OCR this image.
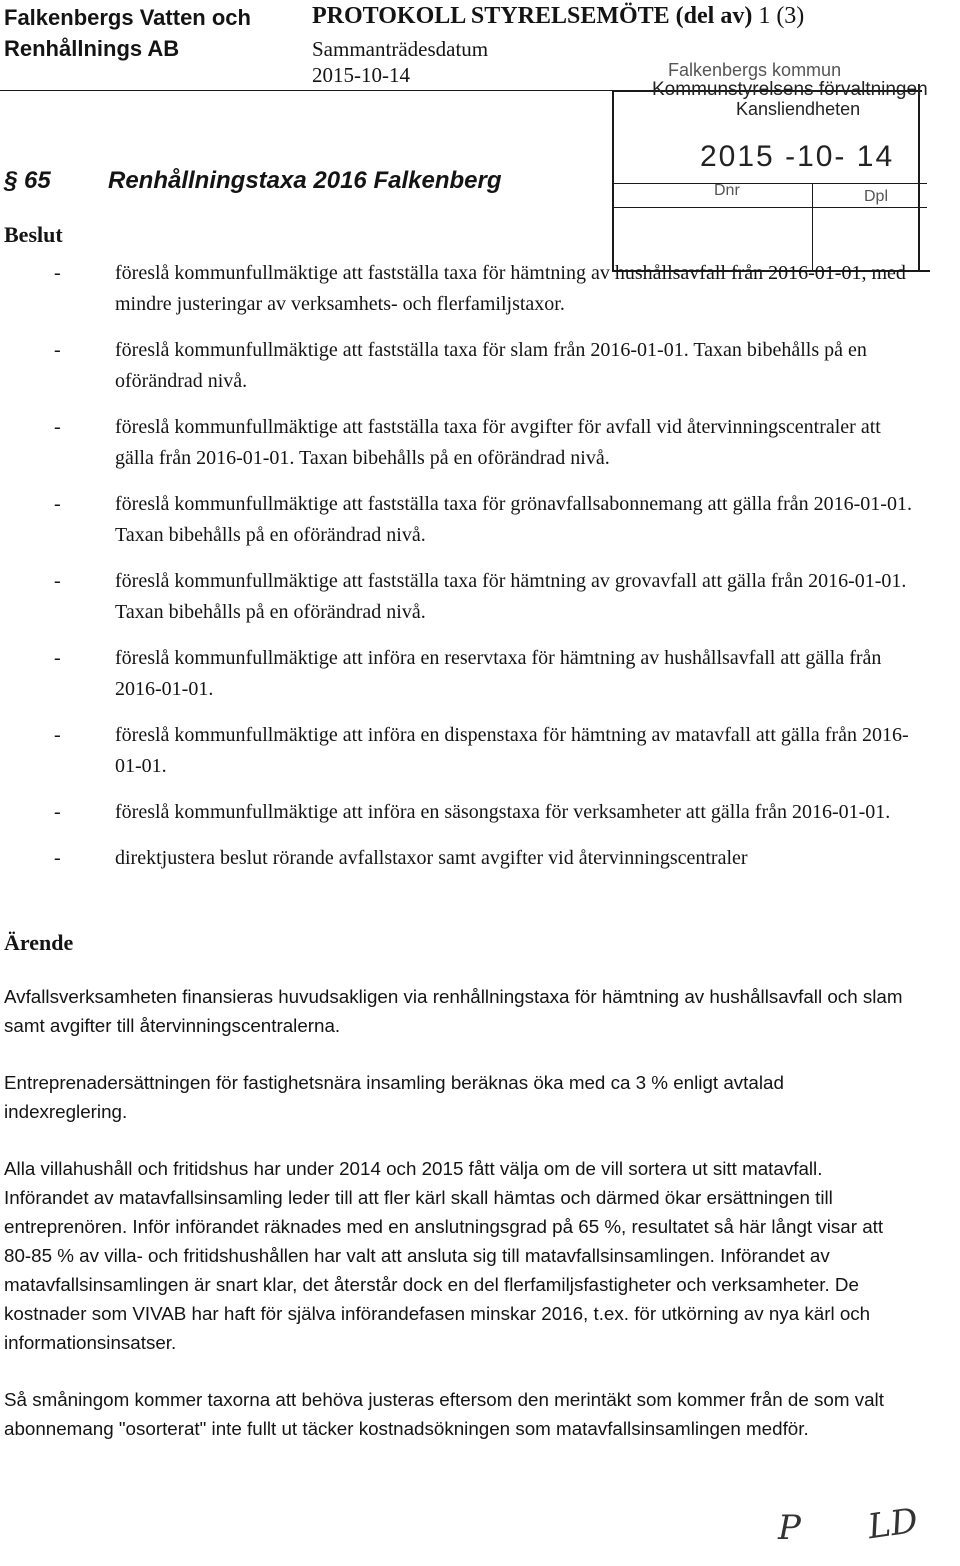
Falkenbergs Vatten och
Renhållnings AB
PROTOKOLL STYRELSEMÖTE (del av) 1 (3)
Sammanträdesdatum
2015-10-14	Falkenbergs kommun
Kommunstyrelsens förvaltningen
Kansliendheten
2015 -10- 14
Dnr	Dpl
§ 65 Renhållningstaxa 2016 Falkenberg
Beslut
-	föreslå kommunfullmäktige att fastställa taxa för hämtning av hushållsavfall från 2016-01-01, med mindre justeringar av verksamhets- och flerfamiljstaxor.
-	föreslå kommunfullmäktige att fastställa taxa för slam från 2016-01-01. Taxan bibehålls på en oförändrad nivå.
-	föreslå kommunfullmäktige att fastställa taxa för avgifter för avfall vid återvinningscentraler att gälla från 2016-01-01. Taxan bibehålls på en oförändrad nivå.
-	föreslå kommunfullmäktige att fastställa taxa för grönavfallsabonnemang att gälla från 2016-01-01. Taxan bibehålls på en oförändrad nivå.
-	föreslå kommunfullmäktige att fastställa taxa för hämtning av grovavfall att gälla från 2016-01-01. Taxan bibehålls på en oförändrad nivå.
-	föreslå kommunfullmäktige att införa en reservtaxa för hämtning av hushållsavfall att gälla från 2016-01-01.
-	föreslå kommunfullmäktige att införa en dispenstaxa för hämtning av matavfall att gälla från 2016-01-01.
-	föreslå kommunfullmäktige att införa en säsongstaxa för verksamheter att gälla från 2016-01-01.
-	direktjustera beslut rörande avfallstaxor samt avgifter vid återvinningscentraler
Ärende

Avfallsverksamheten finansieras huvudsakligen via renhållningstaxa för hämtning av hushållsavfall och slam samt avgifter till återvinningscentralerna.

Entreprenadersättningen för fastighetsnära insamling beräknas öka med ca 3 % enligt avtalad indexreglering.

Alla villahushåll och fritidshus har under 2014 och 2015 fått välja om de vill sortera ut sitt matavfall. Införandet av matavfallsinsamling leder till att fler kärl skall hämtas och därmed ökar ersättningen till entreprenören. Inför införandet räknades med en anslutningsgrad på 65 %, resultatet så här långt visar att 80-85 % av villa- och fritidshushållen har valt att ansluta sig till matavfallsinsamlingen. Införandet av matavfallsinsamlingen är snart klar, det återstår dock en del flerfamiljsfastigheter och verksamheter. De kostnader som VIVAB har haft för själva införandefasen minskar 2016, t.ex. för utkörning av nya kärl och informationsinsatser.

Så småningom kommer taxorna att behöva justeras eftersom den merintäkt som kommer från de som valt abonnemang "osorterat" inte fullt ut täcker kostnadsökningen som matavfallsinsamlingen medför.

P LD
